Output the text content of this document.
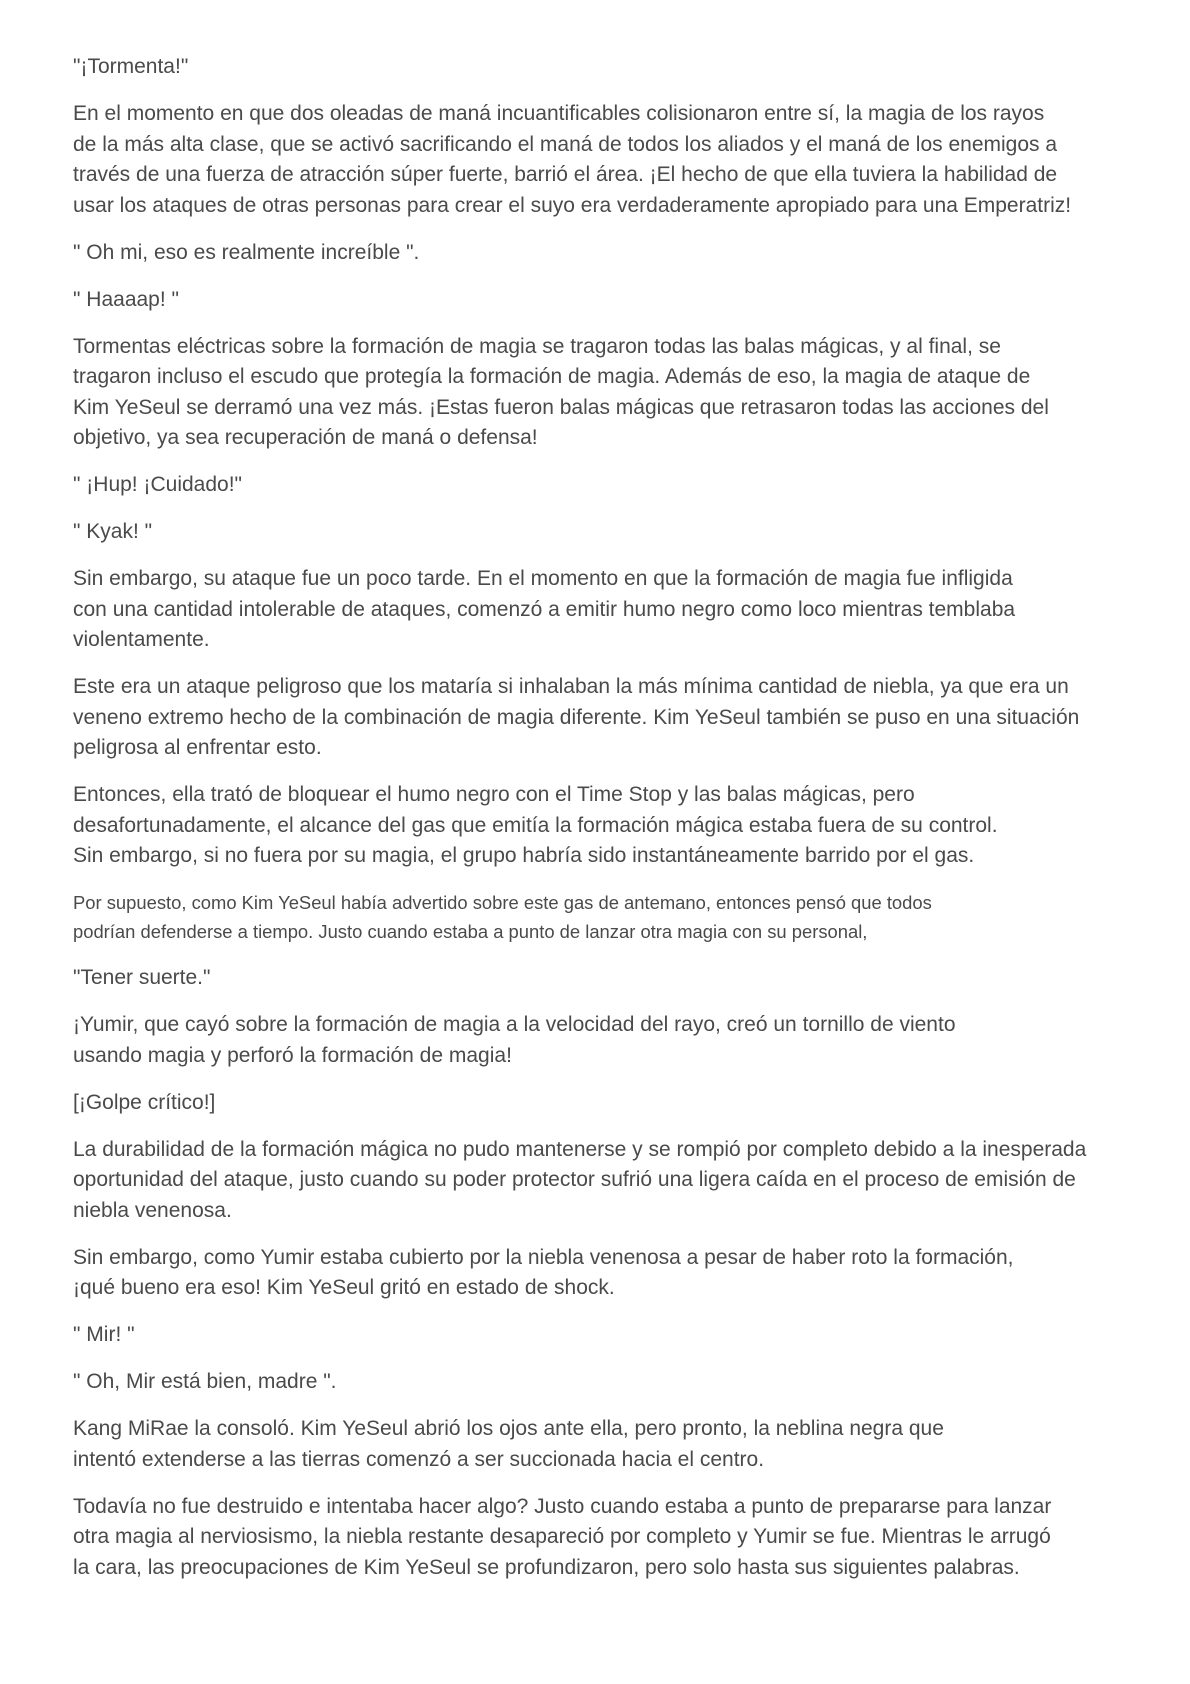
"¡Tormenta!"

En el momento en que dos oleadas de maná incuantificables colisionaron entre sí, la magia de los rayos
de la más alta clase, que se activó sacrificando el maná de todos los aliados y el maná de los enemigos a
través de una fuerza de atracción súper fuerte, barrió el área. ¡El hecho de que ella tuviera la habilidad de
usar los ataques de otras personas para crear el suyo era verdaderamente apropiado para una Emperatriz!

" Oh mi, eso es realmente increíble ".

" Haaaap! "

Tormentas eléctricas sobre la formación de magia se tragaron todas las balas mágicas, y al final, se
tragaron incluso el escudo que protegía la formación de magia. Además de eso, la magia de ataque de
Kim YeSeul se derramó una vez más. ¡Estas fueron balas mágicas que retrasaron todas las acciones del
objetivo, ya sea recuperación de maná o defensa!

" ¡Hup! ¡Cuidado!"

" Kyak! "

Sin embargo, su ataque fue un poco tarde. En el momento en que la formación de magia fue infligida
con una cantidad intolerable de ataques, comenzó a emitir humo negro como loco mientras temblaba
violentamente.

Este era un ataque peligroso que los mataría si inhalaban la más mínima cantidad de niebla, ya que era un
veneno extremo hecho de la combinación de magia diferente. Kim YeSeul también se puso en una situación
peligrosa al enfrentar esto.

Entonces, ella trató de bloquear el humo negro con el Time Stop y las balas mágicas, pero
desafortunadamente, el alcance del gas que emitía la formación mágica estaba fuera de su control.
Sin embargo, si no fuera por su magia, el grupo habría sido instantáneamente barrido por el gas.

Por supuesto, como Kim YeSeul había advertido sobre este gas de antemano, entonces pensó que todos
podrían defenderse a tiempo. Justo cuando estaba a punto de lanzar otra magia con su personal,

"Tener suerte."

¡Yumir, que cayó sobre la formación de magia a la velocidad del rayo, creó un tornillo de viento
usando magia y perforó la formación de magia!

[¡Golpe crítico!]

La durabilidad de la formación mágica no pudo mantenerse y se rompió por completo debido a la inesperada
oportunidad del ataque, justo cuando su poder protector sufrió una ligera caída en el proceso de emisión de
niebla venenosa.

Sin embargo, como Yumir estaba cubierto por la niebla venenosa a pesar de haber roto la formación,
¡qué bueno era eso! Kim YeSeul gritó en estado de shock.

" Mir! "

" Oh, Mir está bien, madre ".

Kang MiRae la consoló. Kim YeSeul abrió los ojos ante ella, pero pronto, la neblina negra que
intentó extenderse a las tierras comenzó a ser succionada hacia el centro.

Todavía no fue destruido e intentaba hacer algo? Justo cuando estaba a punto de prepararse para lanzar
otra magia al nerviosismo, la niebla restante desapareció por completo y Yumir se fue. Mientras le arrugó
la cara, las preocupaciones de Kim YeSeul se profundizaron, pero solo hasta sus siguientes palabras.
